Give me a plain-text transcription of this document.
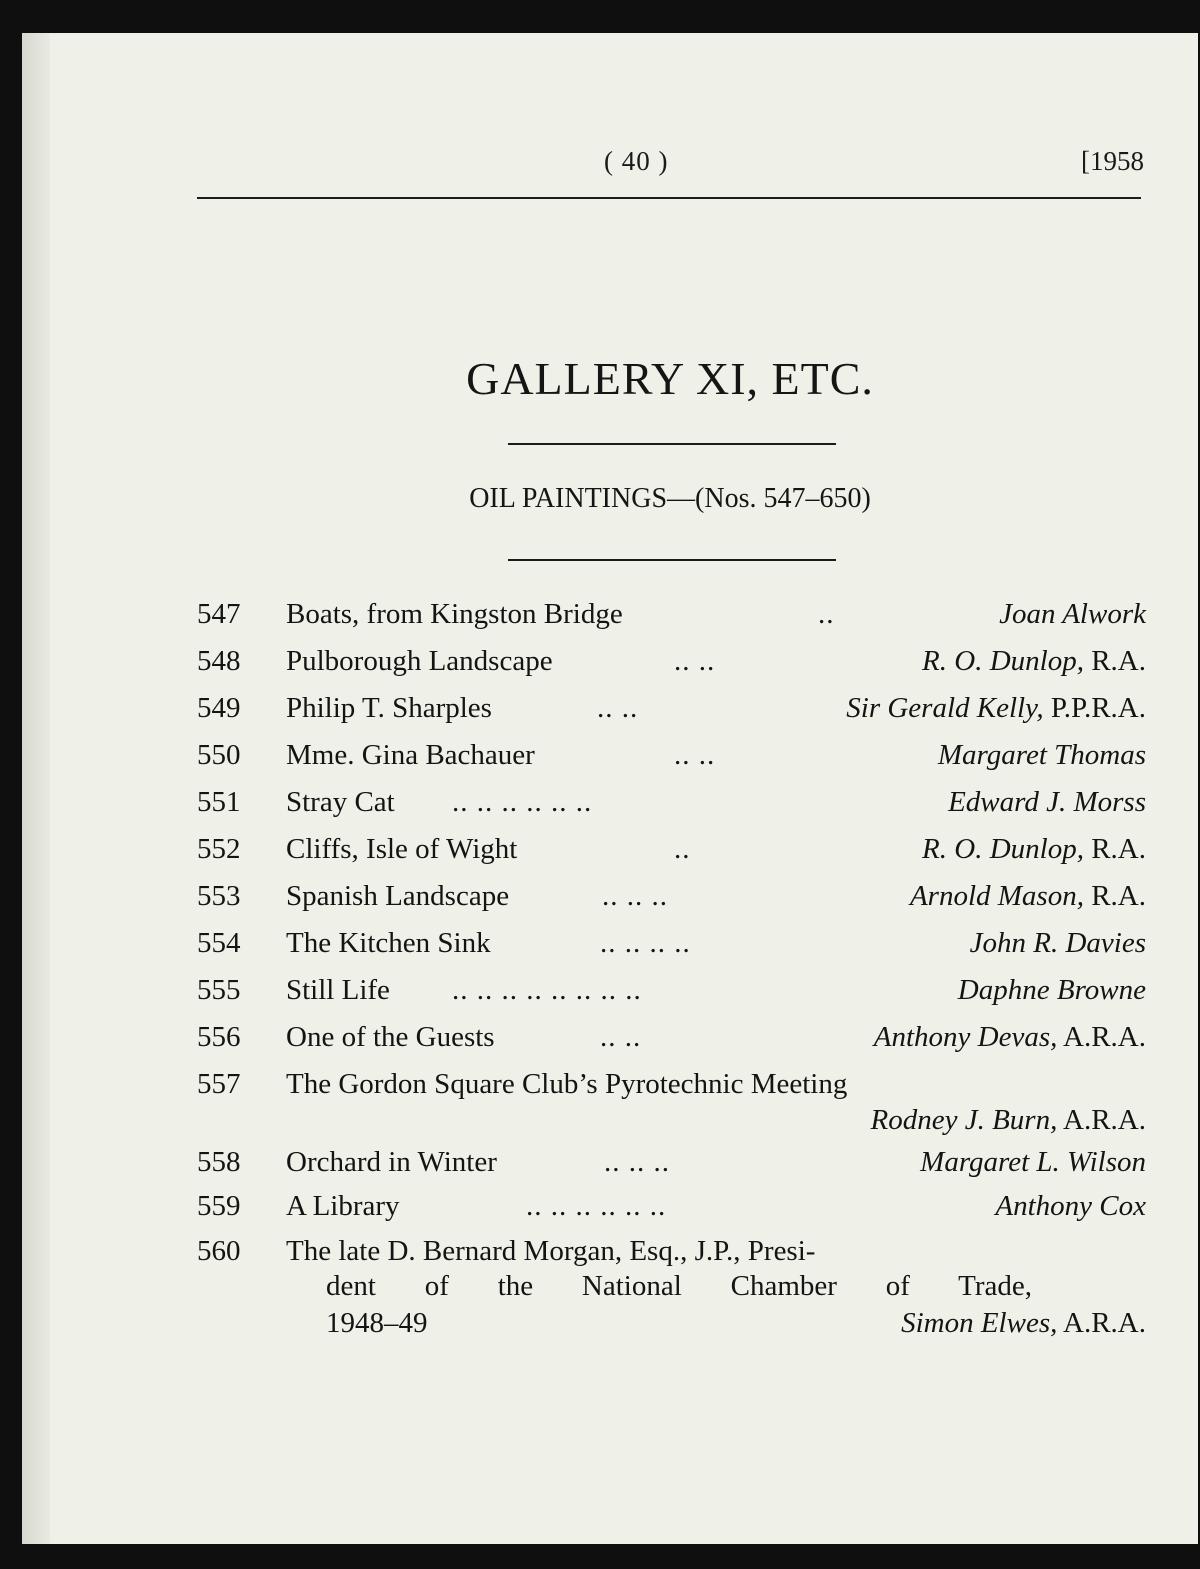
( 40 )	[1958
GALLERY XI, ETC.
OIL PAINTINGS—(Nos. 547–650)
547 Boats, from Kingston Bridge	..	Joan Alwork
548 Pulborough Landscape	.. ..	R. O. Dunlop, R.A.
549 Philip T. Sharples	.. ..	Sir Gerald Kelly, P.P.R.A.
550 Mme. Gina Bachauer	.. ..	Margaret Thomas
551 Stray Cat .. .. .. .. .. ..	Edward J. Morss
552 Cliffs, Isle of Wight	..	R. O. Dunlop, R.A.
553 Spanish Landscape	.. .. ..	Arnold Mason, R.A.
554 The Kitchen Sink	.. .. .. ..	John R. Davies
555 Still Life .. .. .. .. .. .. .. ..	Daphne Browne
556 One of the Guests	.. ..	Anthony Devas, A.R.A.
557 The Gordon Square Club’s Pyrotechnic Meeting
Rodney J. Burn, A.R.A.
558 Orchard in Winter	.. .. ..	Margaret L. Wilson
559 A Library	.. .. .. .. .. ..	Anthony Cox
560 The late D. Bernard Morgan, Esq., J.P., Presi-
dent of the National Chamber of Trade,
1948–49	Simon Elwes, A.R.A.
